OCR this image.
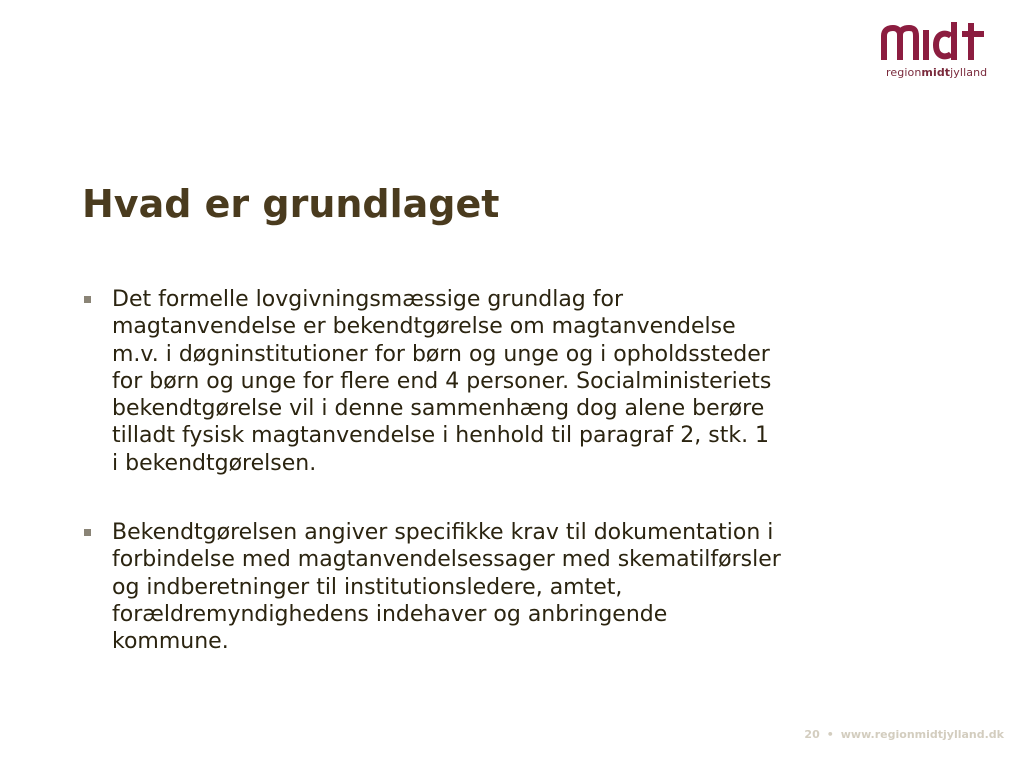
regionmidtjylland
Hvad er grundlaget

Det formelle lovgivningsmæssige grundlag for
magtanvendelse er bekendtgørelse om magtanvendelse
m.v. i døgninstitutioner for børn og unge og i opholdssteder
for børn og unge for flere end 4 personer. Socialministeriets
bekendtgørelse vil i denne sammenhæng dog alene berøre
tilladt fysisk magtanvendelse i henhold til paragraf 2, stk. 1
i bekendtgørelsen.

Bekendtgørelsen angiver specifikke krav til dokumentation i
forbindelse med magtanvendelsessager med skematilførsler
og indberetninger til institutionsledere, amtet,
forældremyndighedens indehaver og anbringende
kommune.

20 • www.regionmidtjylland.dk
